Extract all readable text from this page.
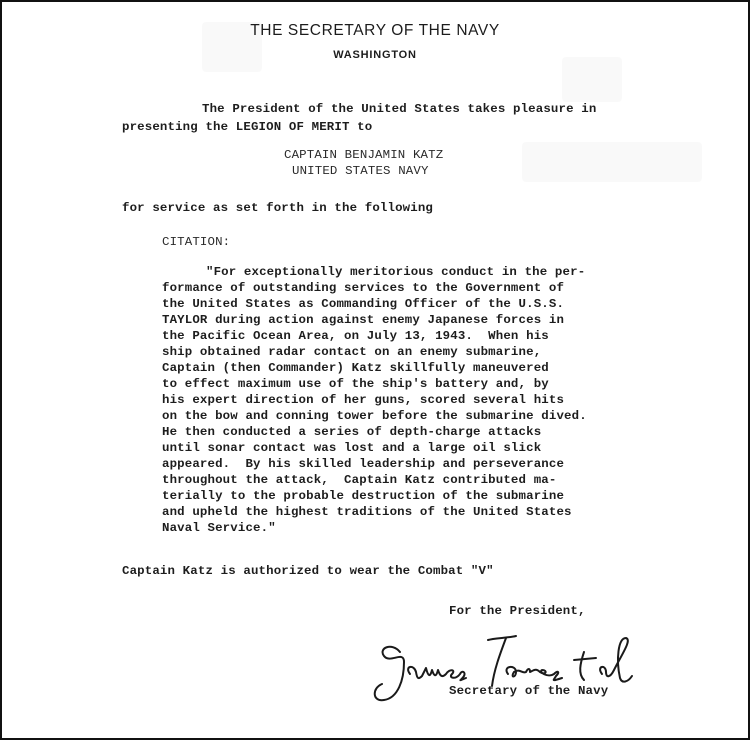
THE SECRETARY OF THE NAVY
WASHINGTON
The President of the United States takes pleasure in
presenting the LEGION OF MERIT to
CAPTAIN BENJAMIN KATZ
UNITED STATES NAVY
for service as set forth in the following
CITATION:
"For exceptionally meritorious conduct in the per-
formance of outstanding services to the Government of
the United States as Commanding Officer of the U.S.S.
TAYLOR during action against enemy Japanese forces in
the Pacific Ocean Area, on July 13, 1943.  When his
ship obtained radar contact on an enemy submarine,
Captain (then Commander) Katz skillfully maneuvered
to effect maximum use of the ship's battery and, by
his expert direction of her guns, scored several hits
on the bow and conning tower before the submarine dived.
He then conducted a series of depth-charge attacks
until sonar contact was lost and a large oil slick
appeared.  By his skilled leadership and perseverance
throughout the attack,  Captain Katz contributed ma-
terially to the probable destruction of the submarine
and upheld the highest traditions of the United States
Naval Service."
Captain Katz is authorized to wear the Combat "V"
For the President,
Secretary of the Navy
